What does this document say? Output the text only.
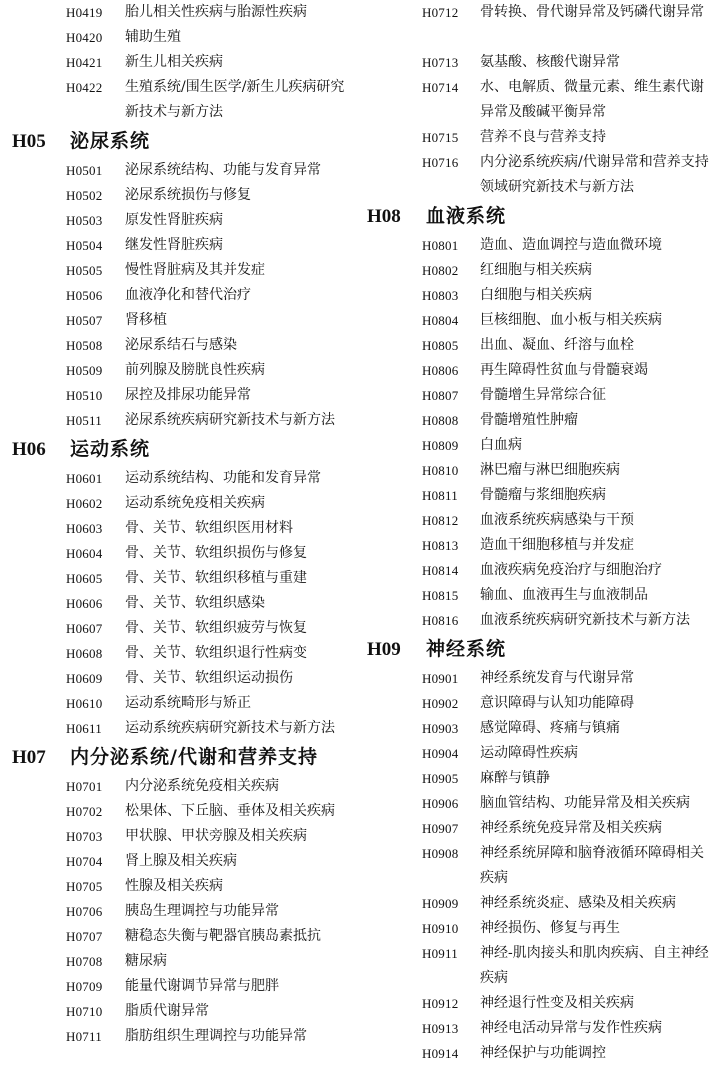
H0419 胎儿相关性疾病与胎源性疾病
H0420 辅助生殖
H0421 新生儿相关疾病
H0422 生殖系统/围生医学/新生儿疾病研究新技术与新方法
H05 泌尿系统
H0501 泌尿系统结构、功能与发育异常
H0502 泌尿系统损伤与修复
H0503 原发性肾脏疾病
H0504 继发性肾脏疾病
H0505 慢性肾脏病及其并发症
H0506 血液净化和替代治疗
H0507 肾移植
H0508 泌尿系结石与感染
H0509 前列腺及膀胱良性疾病
H0510 尿控及排尿功能异常
H0511 泌尿系统疾病研究新技术与新方法
H06 运动系统
H0601 运动系统结构、功能和发育异常
H0602 运动系统免疫相关疾病
H0603 骨、关节、软组织医用材料
H0604 骨、关节、软组织损伤与修复
H0605 骨、关节、软组织移植与重建
H0606 骨、关节、软组织感染
H0607 骨、关节、软组织疲劳与恢复
H0608 骨、关节、软组织退行性病变
H0609 骨、关节、软组织运动损伤
H0610 运动系统畸形与矫正
H0611 运动系统疾病研究新技术与新方法
H07 内分泌系统/代谢和营养支持
H0701 内分泌系统免疫相关疾病
H0702 松果体、下丘脑、垂体及相关疾病
H0703 甲状腺、甲状旁腺及相关疾病
H0704 肾上腺及相关疾病
H0705 性腺及相关疾病
H0706 胰岛生理调控与功能异常
H0707 糖稳态失衡与靶器官胰岛素抵抗
H0708 糖尿病
H0709 能量代谢调节异常与肥胖
H0710 脂质代谢异常
H0711 脂肪组织生理调控与功能异常
H0712 骨转换、骨代谢异常及钙磷代谢异常
H0713 氨基酸、核酸代谢异常
H0714 水、电解质、微量元素、维生素代谢异常及酸碱平衡异常
H0715 营养不良与营养支持
H0716 内分泌系统疾病/代谢异常和营养支持领域研究新技术与新方法
H08 血液系统
H0801 造血、造血调控与造血微环境
H0802 红细胞与相关疾病
H0803 白细胞与相关疾病
H0804 巨核细胞、血小板与相关疾病
H0805 出血、凝血、纤溶与血栓
H0806 再生障碍性贫血与骨髓衰竭
H0807 骨髓增生异常综合征
H0808 骨髓增殖性肿瘤
H0809 白血病
H0810 淋巴瘤与淋巴细胞疾病
H0811 骨髓瘤与浆细胞疾病
H0812 血液系统疾病感染与干预
H0813 造血干细胞移植与并发症
H0814 血液疾病免疫治疗与细胞治疗
H0815 输血、血液再生与血液制品
H0816 血液系统疾病研究新技术与新方法
H09 神经系统
H0901 神经系统发育与代谢异常
H0902 意识障碍与认知功能障碍
H0903 感觉障碍、疼痛与镇痛
H0904 运动障碍性疾病
H0905 麻醉与镇静
H0906 脑血管结构、功能异常及相关疾病
H0907 神经系统免疫异常及相关疾病
H0908 神经系统屏障和脑脊液循环障碍相关疾病
H0909 神经系统炎症、感染及相关疾病
H0910 神经损伤、修复与再生
H0911 神经-肌肉接头和肌肉疾病、自主神经疾病
H0912 神经退行性变及相关疾病
H0913 神经电活动异常与发作性疾病
H0914 神经保护与功能调控
